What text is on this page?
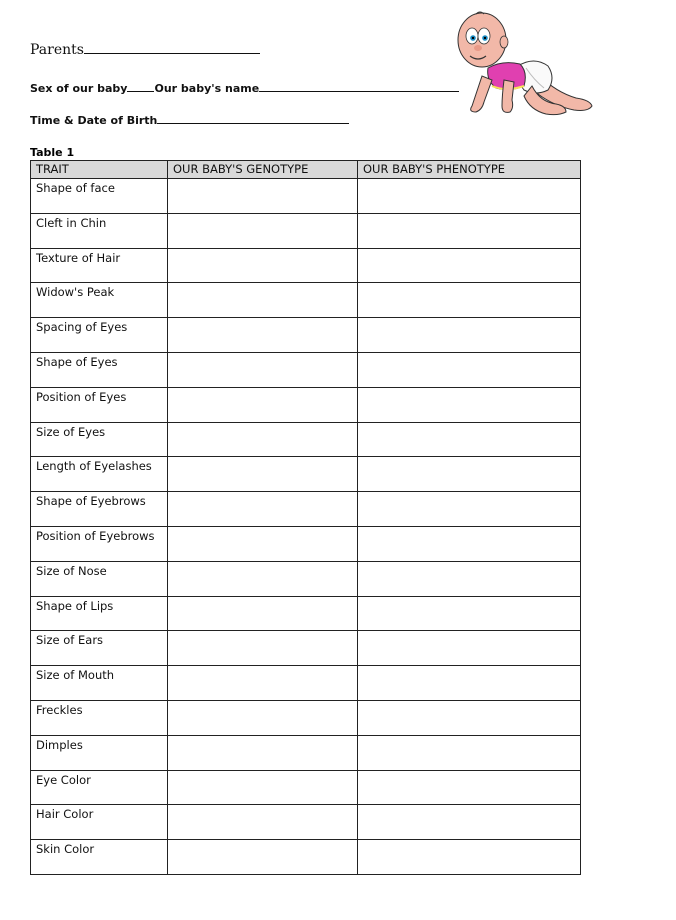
Parents
Sex of our baby Our baby's name
Time & Date of Birth
Table 1
TRAIT	OUR BABY'S GENOTYPE	OUR BABY'S PHENOTYPE
Shape of face		
Cleft in Chin		
Texture of Hair		
Widow's Peak		
Spacing of Eyes		
Shape of Eyes		
Position of Eyes		
Size of Eyes		
Length of Eyelashes		
Shape of Eyebrows		
Position of Eyebrows		
Size of Nose		
Shape of Lips		
Size of Ears		
Size of Mouth		
Freckles		
Dimples		
Eye Color		
Hair Color		
Skin Color		
